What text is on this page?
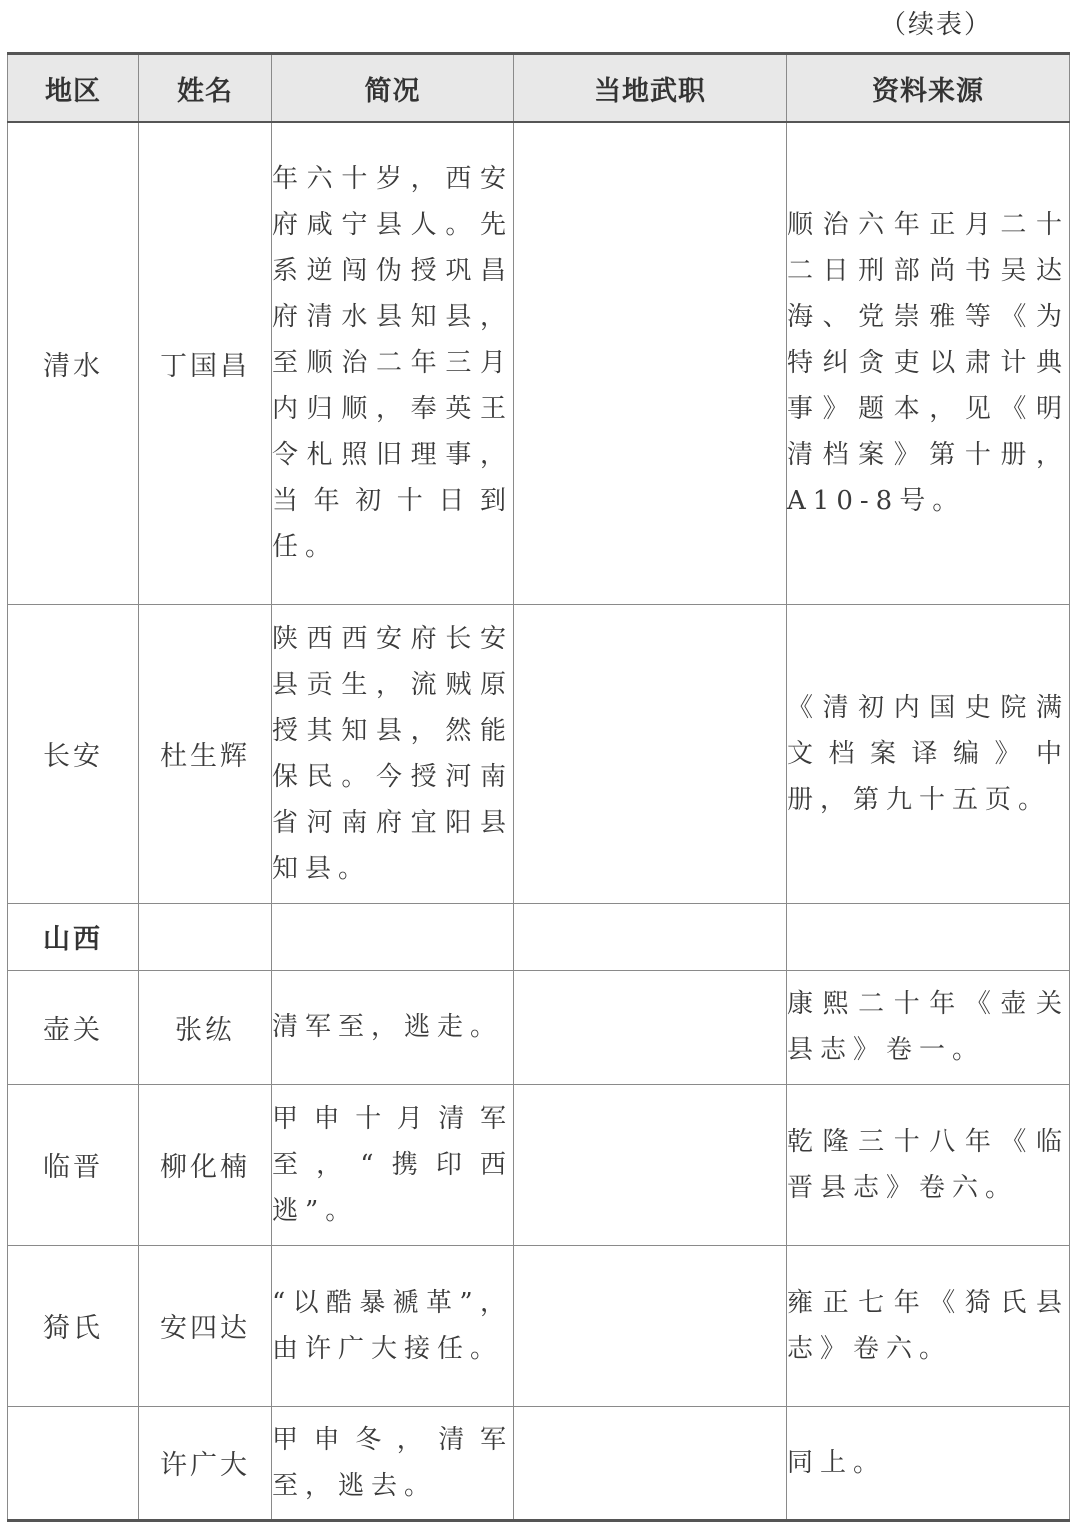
（续表）
地区	姓名	简况	当地武职	资料来源
清水	丁国昌	年六十岁，西安府咸宁县人。先系逆闯伪授巩昌府清水县知县，至顺治二年三月内归顺，奉英王令札照旧理事，当年初十日到任。		顺治六年正月二十二日刑部尚书吴达海、党崇雅等《为特纠贪吏以肃计典事》题本，见《明清档案》第十册，A10-8号。
长安	杜生辉	陕西西安府长安县贡生，流贼原授其知县，然能保民。今授河南省河南府宜阳县知县。		《清初内国史院满文档案译编》中册，第九十五页。
山西				
壶关	张纮	清军至，逃走。		康熙二十年《壶关县志》卷一。
临晋	柳化楠	甲申十月清军至，“携印西逃”。		乾隆三十八年《临晋县志》卷六。
猗氏	安四达	“以酷暴褫革”，由许广大接任。		雍正七年《猗氏县志》卷六。
	许广大	甲申冬，清军至，逃去。		同上。
